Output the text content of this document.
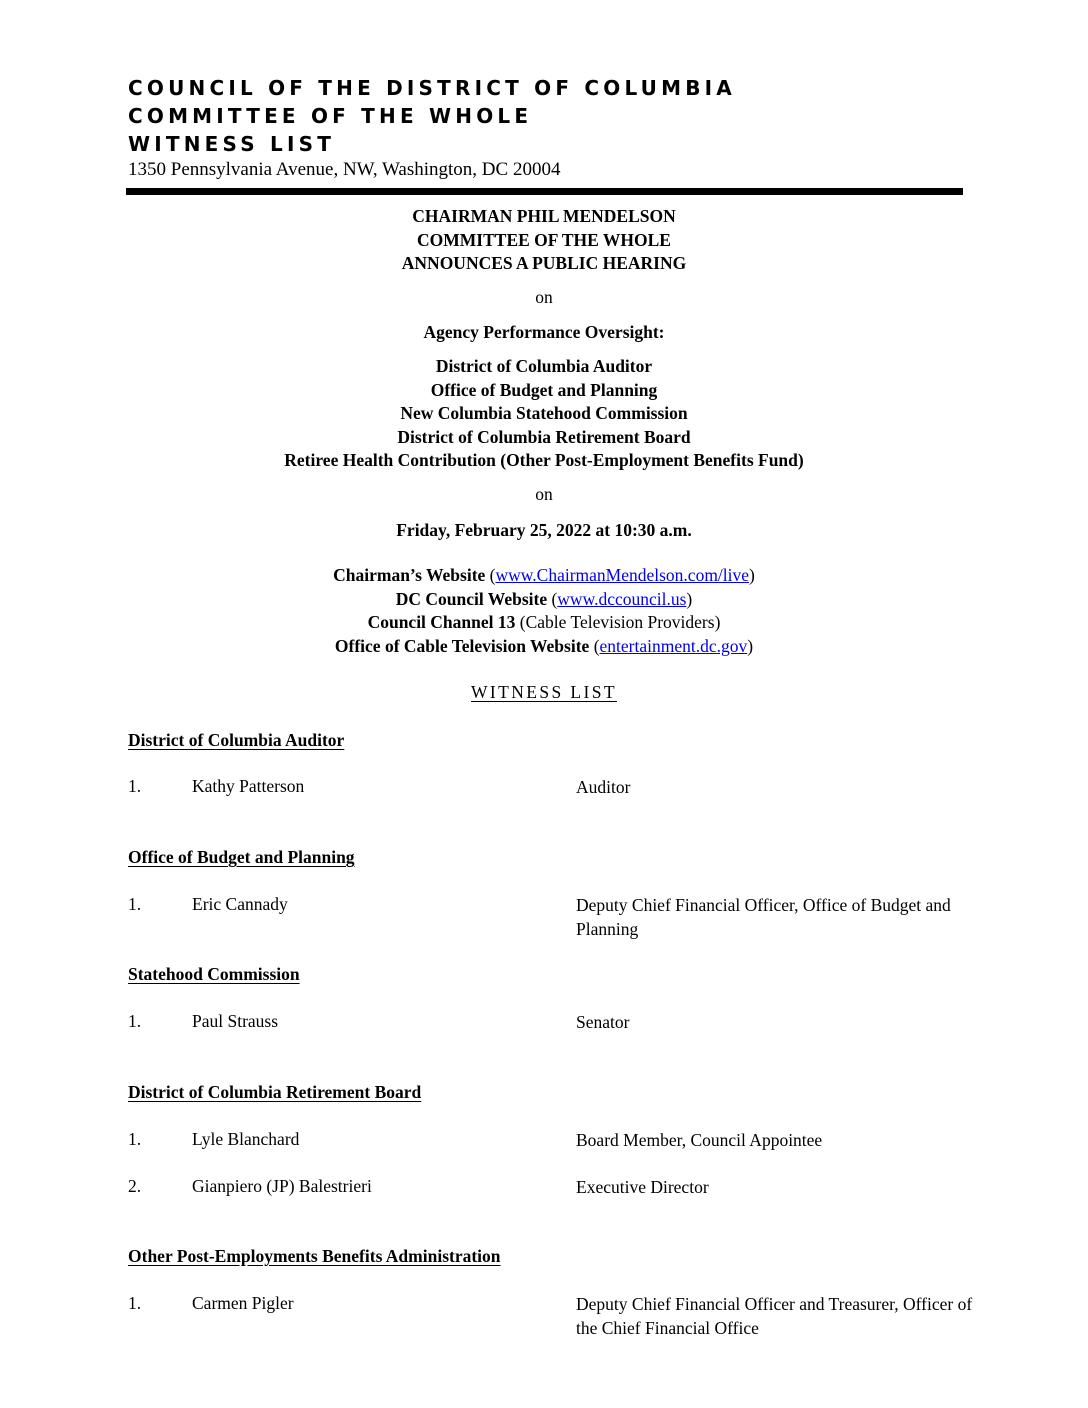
COUNCIL OF THE DISTRICT OF COLUMBIA
COMMITTEE OF THE WHOLE
WITNESS LIST
1350 Pennsylvania Avenue, NW, Washington, DC 20004
CHAIRMAN PHIL MENDELSON
COMMITTEE OF THE WHOLE
ANNOUNCES A PUBLIC HEARING
on
Agency Performance Oversight:
District of Columbia Auditor
Office of Budget and Planning
New Columbia Statehood Commission
District of Columbia Retirement Board
Retiree Health Contribution (Other Post-Employment Benefits Fund)
on
Friday, February 25, 2022 at 10:30 a.m.
Chairman’s Website (www.ChairmanMendelson.com/live)
DC Council Website (www.dccouncil.us)
Council Channel 13 (Cable Television Providers)
Office of Cable Television Website (entertainment.dc.gov)
WITNESS LIST
District of Columbia Auditor
1.	Kathy Patterson	Auditor
Office of Budget and Planning
1.	Eric Cannady	Deputy Chief Financial Officer, Office of Budget and Planning
Statehood Commission
1.	Paul Strauss	Senator
District of Columbia Retirement Board
1.	Lyle Blanchard	Board Member, Council Appointee
2.	Gianpiero (JP) Balestrieri	Executive Director
Other Post-Employments Benefits Administration
1.	Carmen Pigler	Deputy Chief Financial Officer and Treasurer, Officer of the Chief Financial Office
